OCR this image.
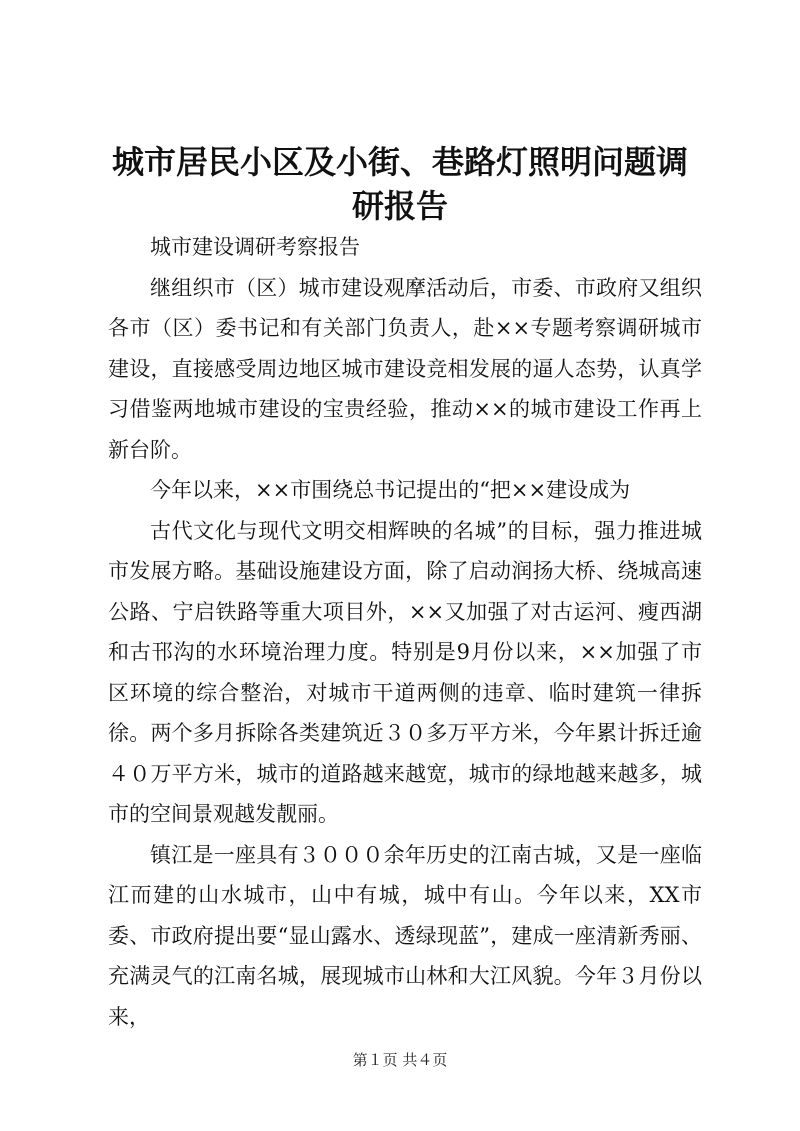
城市居民小区及小街、巷路灯照明问题调研报告

城市建设调研考察报告

继组织市（区）城市建设观摩活动后，市委、市政府又组织各市（区）委书记和有关部门负责人，赴××专题考察调研城市建设，直接感受周边地区城市建设竞相发展的逼人态势，认真学习借鉴两地城市建设的宝贵经验，推动××的城市建设工作再上新台阶。

今年以来，××市围绕总书记提出的“把××建设成为

古代文化与现代文明交相辉映的名城”的目标，强力推进城市发展方略。基础设施建设方面，除了启动润扬大桥、绕城高速公路、宁启铁路等重大项目外，××又加强了对古运河、瘦西湖和古邗沟的水环境治理力度。特别是9月份以来，××加强了市区环境的综合整治，对城市干道两侧的违章、临时建筑一律拆徐。两个多月拆除各类建筑近３０多万平方米，今年累计拆迁逾４０万平方米，城市的道路越来越宽，城市的绿地越来越多，城市的空间景观越发靓丽。

镇江是一座具有３０００余年历史的江南古城，又是一座临江而建的山水城市，山中有城，城中有山。今年以来，XX市委、市政府提出要“显山露水、透绿现蓝”，建成一座清新秀丽、充满灵气的江南名城，展现城市山林和大江风貌。今年３月份以来，

第１页 共４页
